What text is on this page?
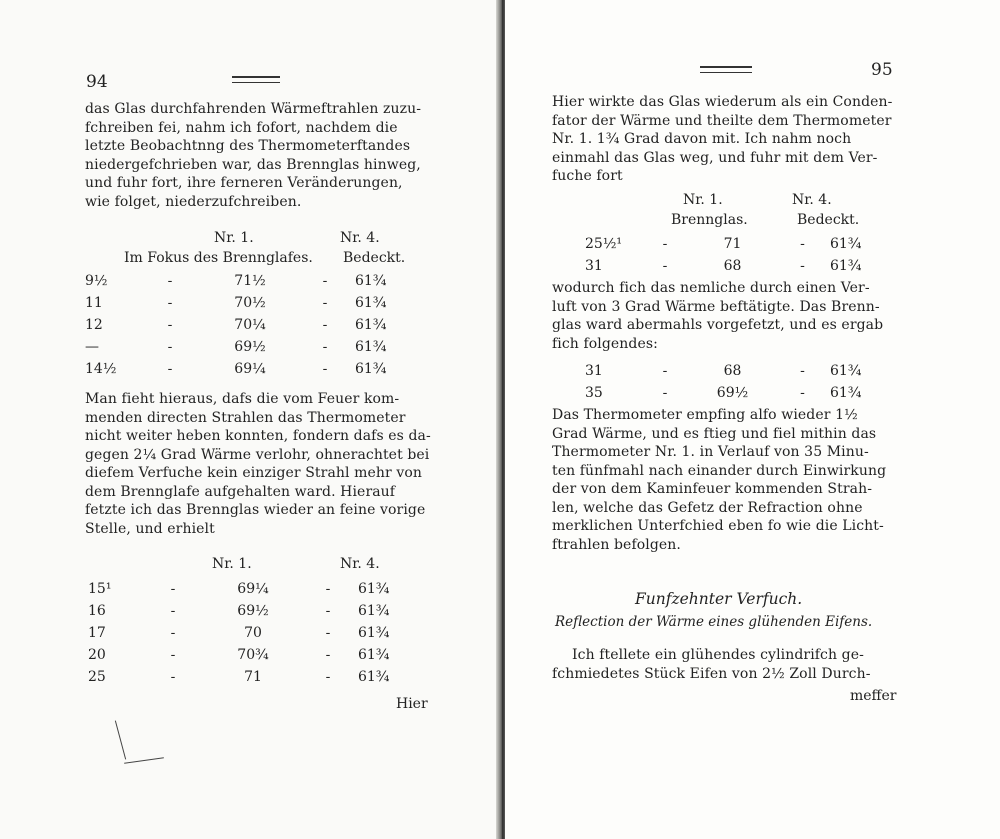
94
das Glas durchfahrenden Wärmeftrahlen zuzu-
fchreiben fei, nahm ich fofort, nachdem die
letzte Beobachtnng des Thermometerftandes
niedergefchrieben war, das Brennglas hinweg,
und fuhr fort, ihre ferneren Veränderungen,
wie folget, niederzufchreiben.
Nr. 1.	Nr. 4.
Im Fokus des Brennglafes. Bedeckt.
9½	-	71½	-	61¾
11	-	70½	-	61¾
12	-	70¼	-	61¾
—	-	69½	-	61¾
14½	-	69¼	-	61¾
Man fieht hieraus, dafs die vom Feuer kom-
menden directen Strahlen das Thermometer
nicht weiter heben konnten, fondern dafs es da-
gegen 2¼ Grad Wärme verlohr, ohnerachtet bei
diefem Verfuche kein einziger Strahl mehr von
dem Brennglafe aufgehalten ward. Hierauf
fetzte ich das Brennglas wieder an feine vorige
Stelle, und erhielt
Nr. 1.	Nr. 4.
15¹	-	69¼	-	61¾
16	-	69½	-	61¾
17	-	70	-	61¾
20	-	70¾	-	61¾
25	-	71	-	61¾
Hier
95
Hier wirkte das Glas wiederum als ein Conden-
fator der Wärme und theilte dem Thermometer
Nr. 1. 1¾ Grad davon mit. Ich nahm noch
einmahl das Glas weg, und fuhr mit dem Ver-
fuche fort
Nr. 1.	Nr. 4.
Brennglas.	Bedeckt.
25½¹	-	71	-	61¾
31	-	68	-	61¾
wodurch fich das nemliche durch einen Ver-
luft von 3 Grad Wärme beftätigte. Das Brenn-
glas ward abermahls vorgefetzt, und es ergab
fich folgendes:
31	-	68	-	61¾
35	-	69½	-	61¾
Das Thermometer empfing alfo wieder 1½
Grad Wärme, und es ftieg und fiel mithin das
Thermometer Nr. 1. in Verlauf von 35 Minu-
ten fünfmahl nach einander durch Einwirkung
der von dem Kaminfeuer kommenden Strah-
len, welche das Gefetz der Refraction ohne
merklichen Unterfchied eben fo wie die Licht-
ftrahlen befolgen.
Funfzehnter Verfuch.
Reflection der Wärme eines glühenden Eifens.
Ich ftellete ein glühendes cylindrifch ge-
fchmiedetes Stück Eifen von 2½ Zoll Durch-
meffer
